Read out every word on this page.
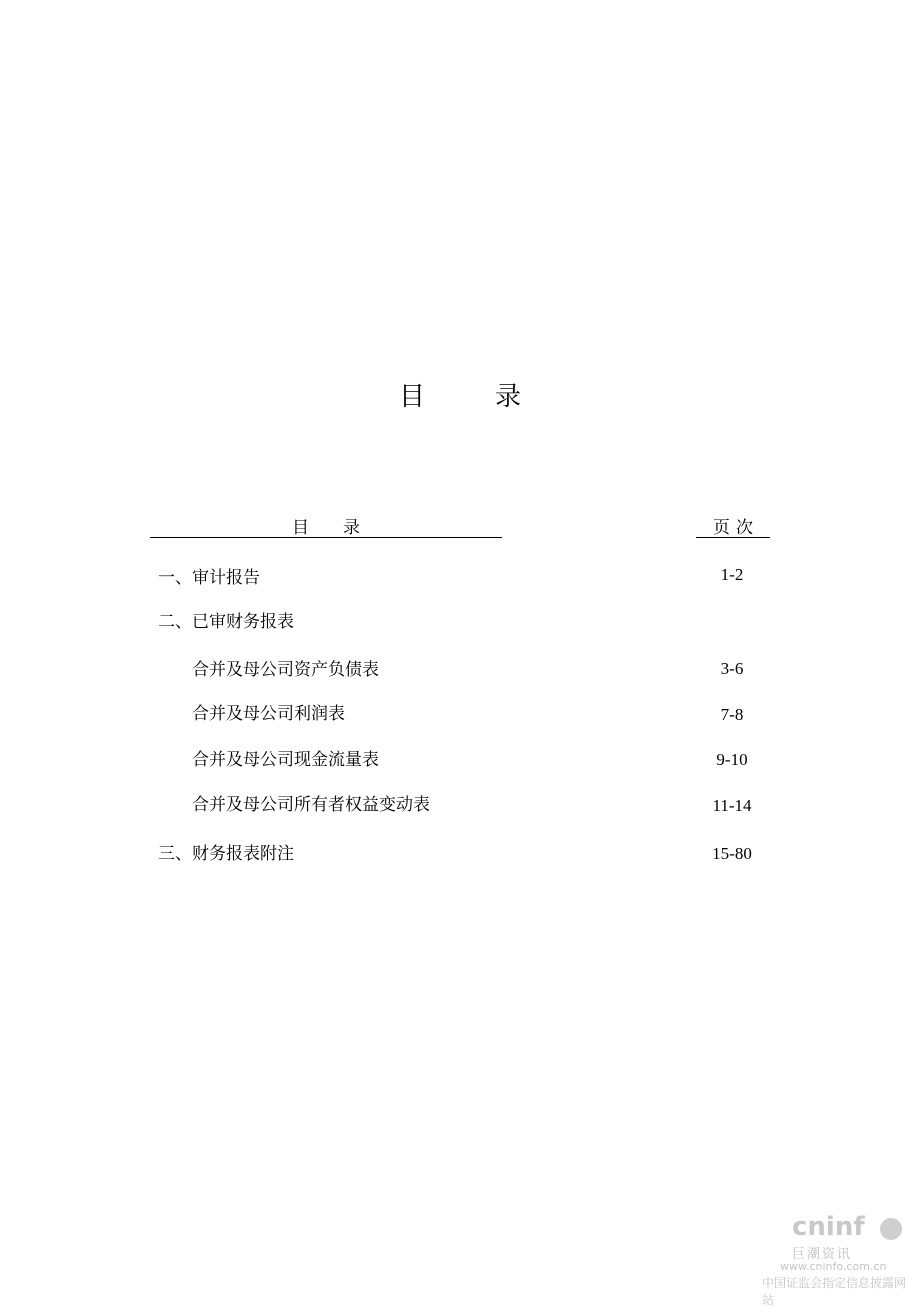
目	录
目 录	页 次
一、审计报告	1-2
二、已审财务报表
合并及母公司资产负债表	3-6
合并及母公司利润表	7-8
合并及母公司现金流量表	9-10
合并及母公司所有者权益变动表	11-14
三、财务报表附注	15-80
cninf
巨潮资讯
www.cninfo.com.cn
中国证监会指定信息披露网站
